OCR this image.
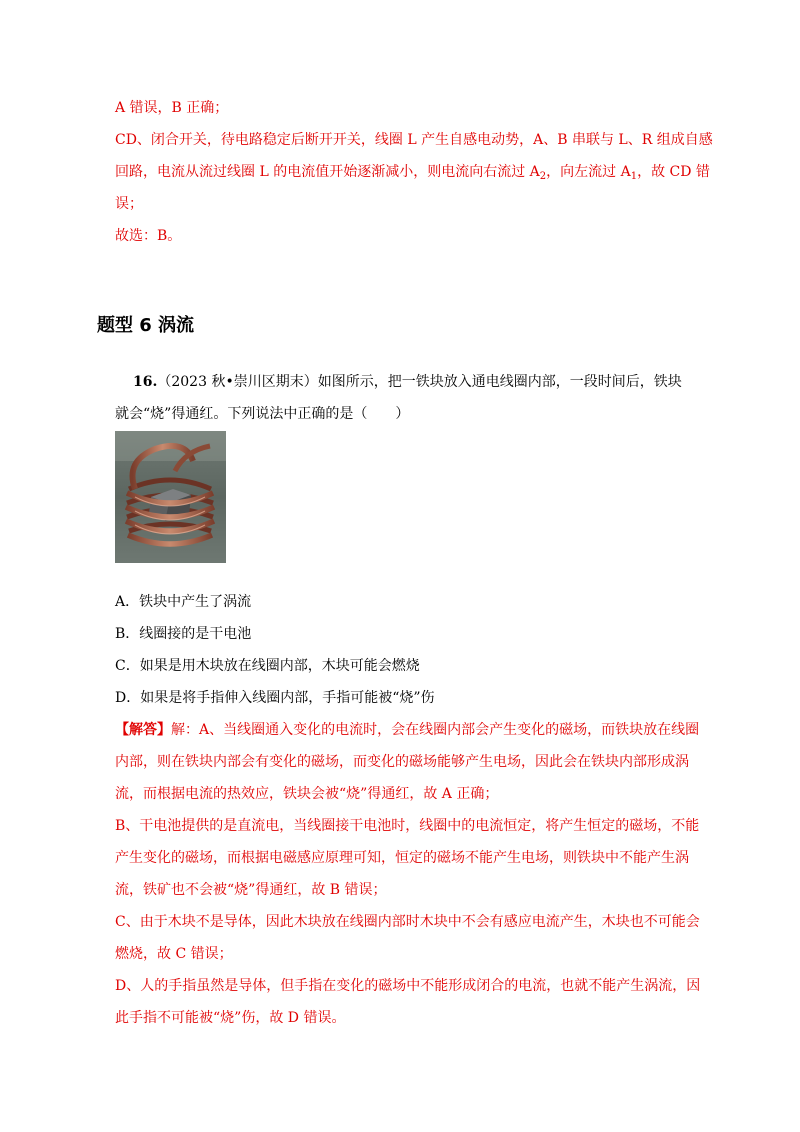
A 错误，B 正确；
CD、闭合开关，待电路稳定后断开开关，线圈 L 产生自感电动势，A、B 串联与 L、R 组成自感
回路，电流从流过线圈 L 的电流值开始逐渐减小，则电流向右流过 $A_2$，向左流过 $A_1$，故 CD 错
误；
故选：B。
题型 6 涡流
16.（2023 秋•崇川区期末）如图所示，把一铁块放入通电线圈内部，一段时间后，铁块
就会“烧”得通红。下列说法中正确的是（　　）
A．铁块中产生了涡流
B．线圈接的是干电池
C．如果是用木块放在线圈内部，木块可能会燃烧
D．如果是将手指伸入线圈内部，手指可能被“烧”伤
【解答】解：A、当线圈通入变化的电流时，会在线圈内部会产生变化的磁场，而铁块放在线圈
内部，则在铁块内部会有变化的磁场，而变化的磁场能够产生电场，因此会在铁块内部形成涡
流，而根据电流的热效应，铁块会被“烧”得通红，故 A 正确；
B、干电池提供的是直流电，当线圈接干电池时，线圈中的电流恒定，将产生恒定的磁场，不能
产生变化的磁场，而根据电磁感应原理可知，恒定的磁场不能产生电场，则铁块中不能产生涡
流，铁矿也不会被“烧”得通红，故 B 错误；
C、由于木块不是导体，因此木块放在线圈内部时木块中不会有感应电流产生，木块也不可能会
燃烧，故 C 错误；
D、人的手指虽然是导体，但手指在变化的磁场中不能形成闭合的电流，也就不能产生涡流，因
此手指不可能被“烧”伤，故 D 错误。
